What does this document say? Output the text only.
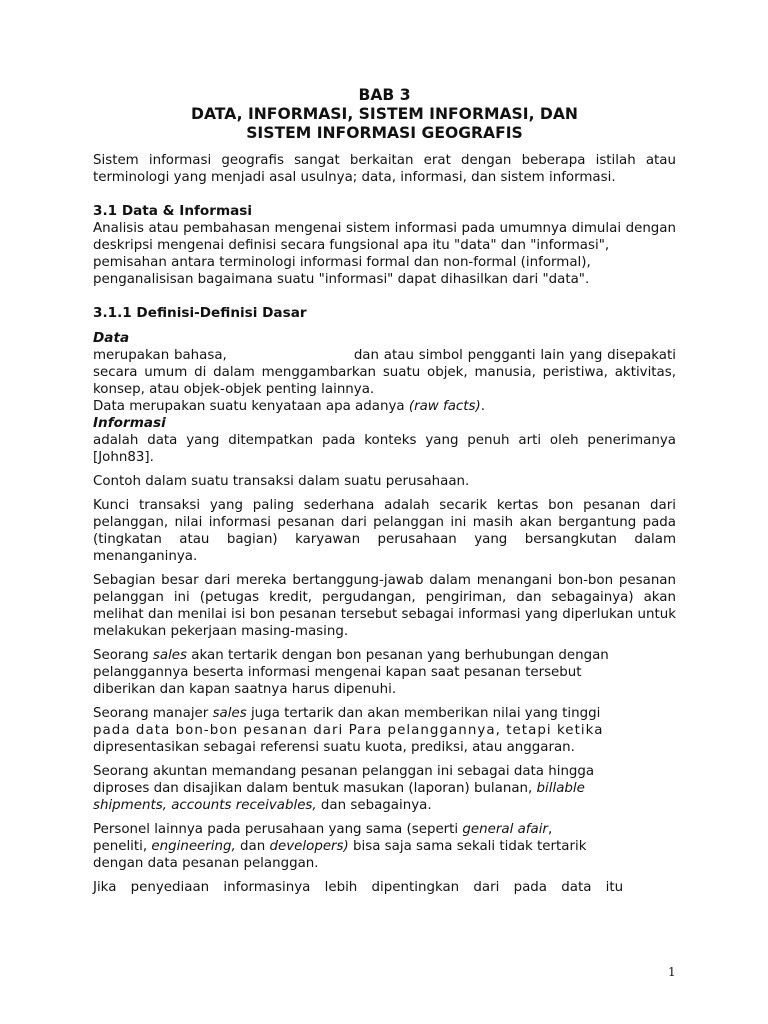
BAB 3

DATA, INFORMASI, SISTEM INFORMASI, DAN

SISTEM INFORMASI GEOGRAFIS

Sistem informasi geografis sangat berkaitan erat dengan beberapa istilah atau terminologi yang menjadi asal usulnya; data, informasi, dan sistem informasi.

3.1 Data & Informasi

Analisis atau pembahasan mengenai sistem informasi pada umumnya dimulai dengan deskripsi mengenai definisi secara fungsional apa itu "data" dan "informasi",

pemisahan antara terminologi informasi formal dan non-formal (informal),

penganalisisan bagaimana suatu "informasi" dapat dihasilkan dari "data".

3.1.1 Definisi-Definisi Dasar

Data

merupakan bahasa,	dan atau simbol pengganti lain yang disepakati secara umum di dalam menggambarkan suatu objek, manusia, peristiwa, aktivitas, konsep, atau objek-objek penting lainnya.

Data merupakan suatu kenyataan apa adanya (raw facts).

Informasi

adalah data yang ditempatkan pada konteks yang penuh arti oleh penerimanya [John83].

Contoh dalam suatu transaksi dalam suatu perusahaan.

Kunci transaksi yang paling sederhana adalah secarik kertas bon pesanan dari pelanggan, nilai informasi pesanan dari pelanggan ini masih akan bergantung pada (tingkatan atau bagian) karyawan perusahaan yang bersangkutan dalam menanganinya.

Sebagian besar dari mereka bertanggung-jawab dalam menangani bon-bon pesanan pelanggan ini (petugas kredit, pergudangan, pengiriman, dan sebagainya) akan melihat dan menilai isi bon pesanan tersebut sebagai informasi yang diperlukan untuk melakukan pekerjaan masing-masing.

Seorang sales akan tertarik dengan bon pesanan yang berhubungan dengan

pelanggannya beserta informasi mengenai kapan saat pesanan tersebut

diberikan dan kapan saatnya harus dipenuhi.

Seorang manajer sales juga tertarik dan akan memberikan nilai yang tinggi

pada data bon-bon pesanan dari Para pelanggannya, tetapi ketika

dipresentasikan sebagai referensi suatu kuota, prediksi, atau anggaran.

Seorang akuntan memandang pesanan pelanggan ini sebagai data hingga

diproses dan disajikan dalam bentuk masukan (laporan) bulanan, billable

shipments, accounts receivables, dan sebagainya.

Personel lainnya pada perusahaan yang sama (seperti general afair,

peneliti, engineering, dan developers) bisa saja sama sekali tidak tertarik

dengan data pesanan pelanggan.

Jika penyediaan informasinya lebih dipentingkan dari pada data itu

1
